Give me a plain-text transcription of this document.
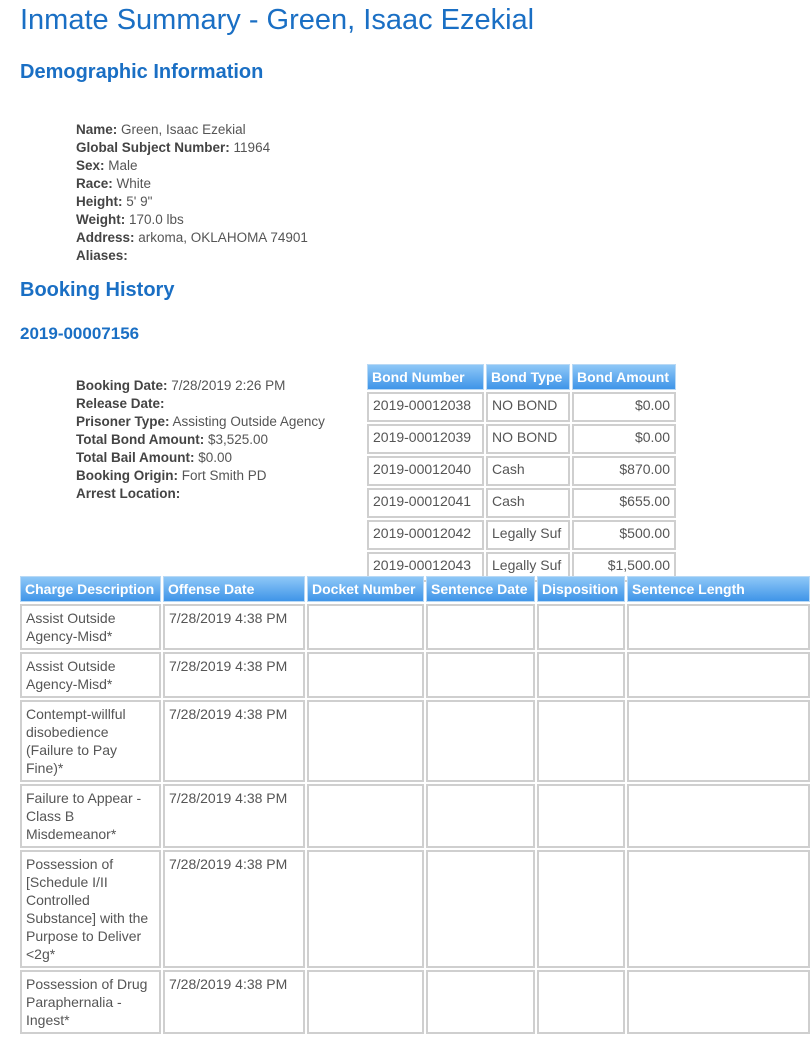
Inmate Summary - Green, Isaac Ezekial
Demographic Information
Name: Green, Isaac Ezekial
Global Subject Number: 11964
Sex: Male
Race: White
Height: 5' 9"
Weight: 170.0 lbs
Address: arkoma, OKLAHOMA 74901
Aliases:
Booking History
2019-00007156
Booking Date: 7/28/2019 2:26 PM
Release Date:
Prisoner Type: Assisting Outside Agency
Total Bond Amount: $3,525.00
Total Bail Amount: $0.00
Booking Origin: Fort Smith PD
Arrest Location:
Bond Number	Bond Type	Bond Amount
2019-00012038	NO BOND	$0.00
2019-00012039	NO BOND	$0.00
2019-00012040	Cash	$870.00
2019-00012041	Cash	$655.00
2019-00012042	Legally Suf	$500.00
2019-00012043	Legally Suf	$1,500.00
Charge Description	Offense Date	Docket Number	Sentence Date	Disposition	Sentence Length
Assist Outside Agency-Misd*	7/28/2019 4:38 PM				
Assist Outside Agency-Misd*	7/28/2019 4:38 PM				
Contempt-willful disobedience (Failure to Pay Fine)*	7/28/2019 4:38 PM				
Failure to Appear - Class B Misdemeanor*	7/28/2019 4:38 PM				
Possession of [Schedule I/II Controlled Substance] with the Purpose to Deliver <2g*	7/28/2019 4:38 PM				
Possession of Drug Paraphernalia - Ingest*	7/28/2019 4:38 PM				
